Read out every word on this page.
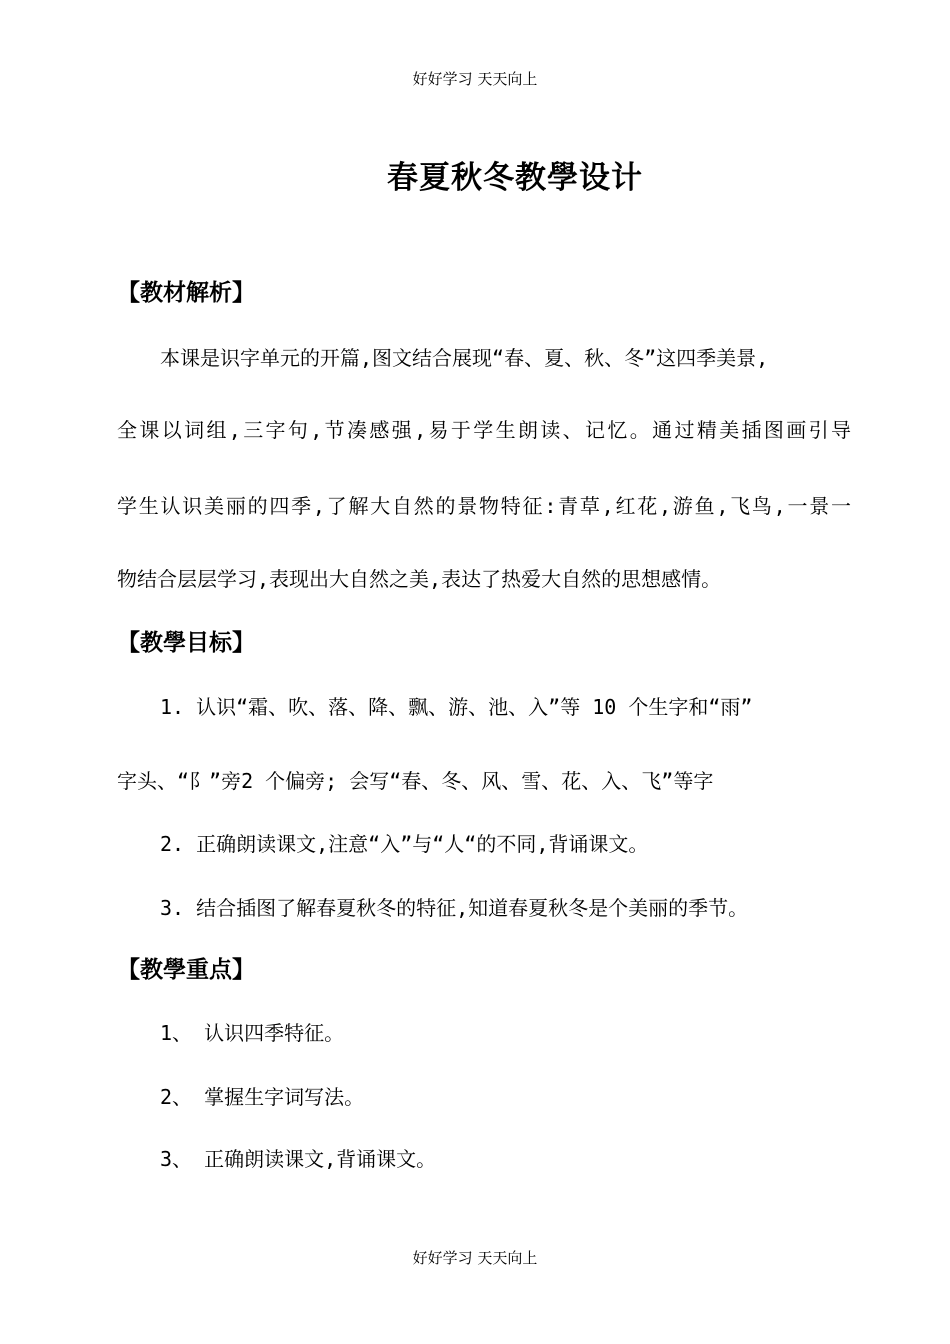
好好学习 天天向上
春夏秋冬教學设计
【教材解析】
本课是识字单元的开篇,图文结合展现“春、夏、秋、冬”这四季美景,
全课以词组,三字句,节凑感强,易于学生朗读、记忆。通过精美插图画引导
学生认识美丽的四季,了解大自然的景物特征:青草,红花,游鱼,飞鸟,一景一
物结合层层学习,表现出大自然之美,表达了热爱大自然的思想感情。
【教學目标】
1. 认识“霜、吹、落、降、飘、游、池、入”等 10 个生字和“雨”
字头、“阝”旁2 个偏旁; 会写“春、冬、风、雪、花、入、飞”等字
2. 正确朗读课文,注意“入”与“人“的不同,背诵课文。
3. 结合插图了解春夏秋冬的特征,知道春夏秋冬是个美丽的季节。
【教學重点】
1、 认识四季特征。
2、 掌握生字词写法。
3、 正确朗读课文,背诵课文。
好好学习 天天向上
